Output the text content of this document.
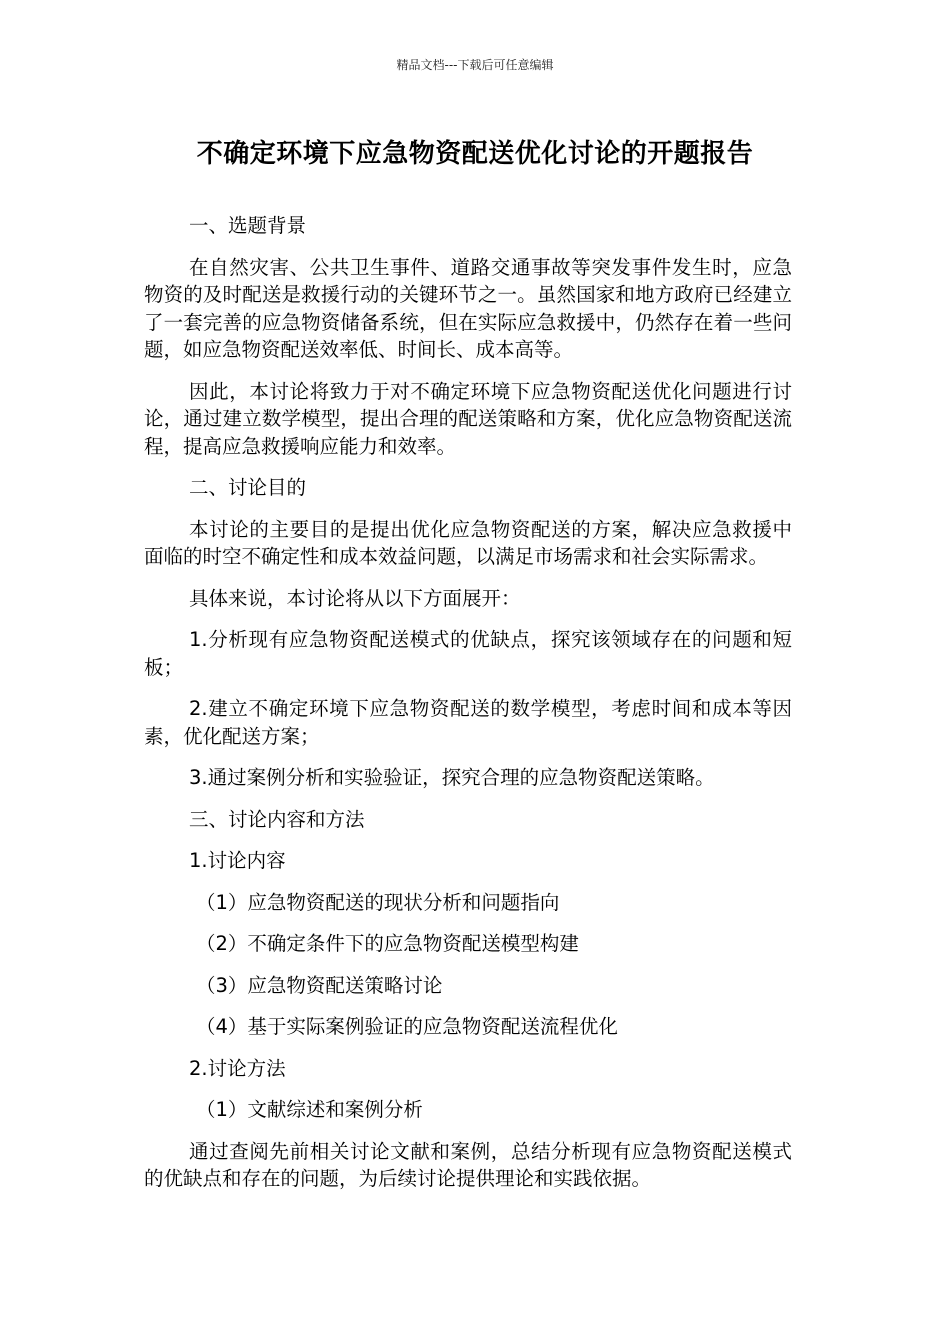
精品文档---下载后可任意编辑
不确定环境下应急物资配送优化讨论的开题报告

一、选题背景

在自然灾害、公共卫生事件、道路交通事故等突发事件发生时，应急物资的及时配送是救援行动的关键环节之一。虽然国家和地方政府已经建立了一套完善的应急物资储备系统，但在实际应急救援中，仍然存在着一些问题，如应急物资配送效率低、时间长、成本高等。

因此，本讨论将致力于对不确定环境下应急物资配送优化问题进行讨论，通过建立数学模型，提出合理的配送策略和方案，优化应急物资配送流程，提高应急救援响应能力和效率。

二、讨论目的

本讨论的主要目的是提出优化应急物资配送的方案，解决应急救援中面临的时空不确定性和成本效益问题，以满足市场需求和社会实际需求。

具体来说，本讨论将从以下方面展开：

1.分析现有应急物资配送模式的优缺点，探究该领域存在的问题和短板；

2.建立不确定环境下应急物资配送的数学模型，考虑时间和成本等因素，优化配送方案；

3.通过案例分析和实验验证，探究合理的应急物资配送策略。

三、讨论内容和方法

1.讨论内容

（1）应急物资配送的现状分析和问题指向

（2）不确定条件下的应急物资配送模型构建

（3）应急物资配送策略讨论

（4）基于实际案例验证的应急物资配送流程优化

2.讨论方法

（1）文献综述和案例分析

通过查阅先前相关讨论文献和案例，总结分析现有应急物资配送模式的优缺点和存在的问题，为后续讨论提供理论和实践依据。
